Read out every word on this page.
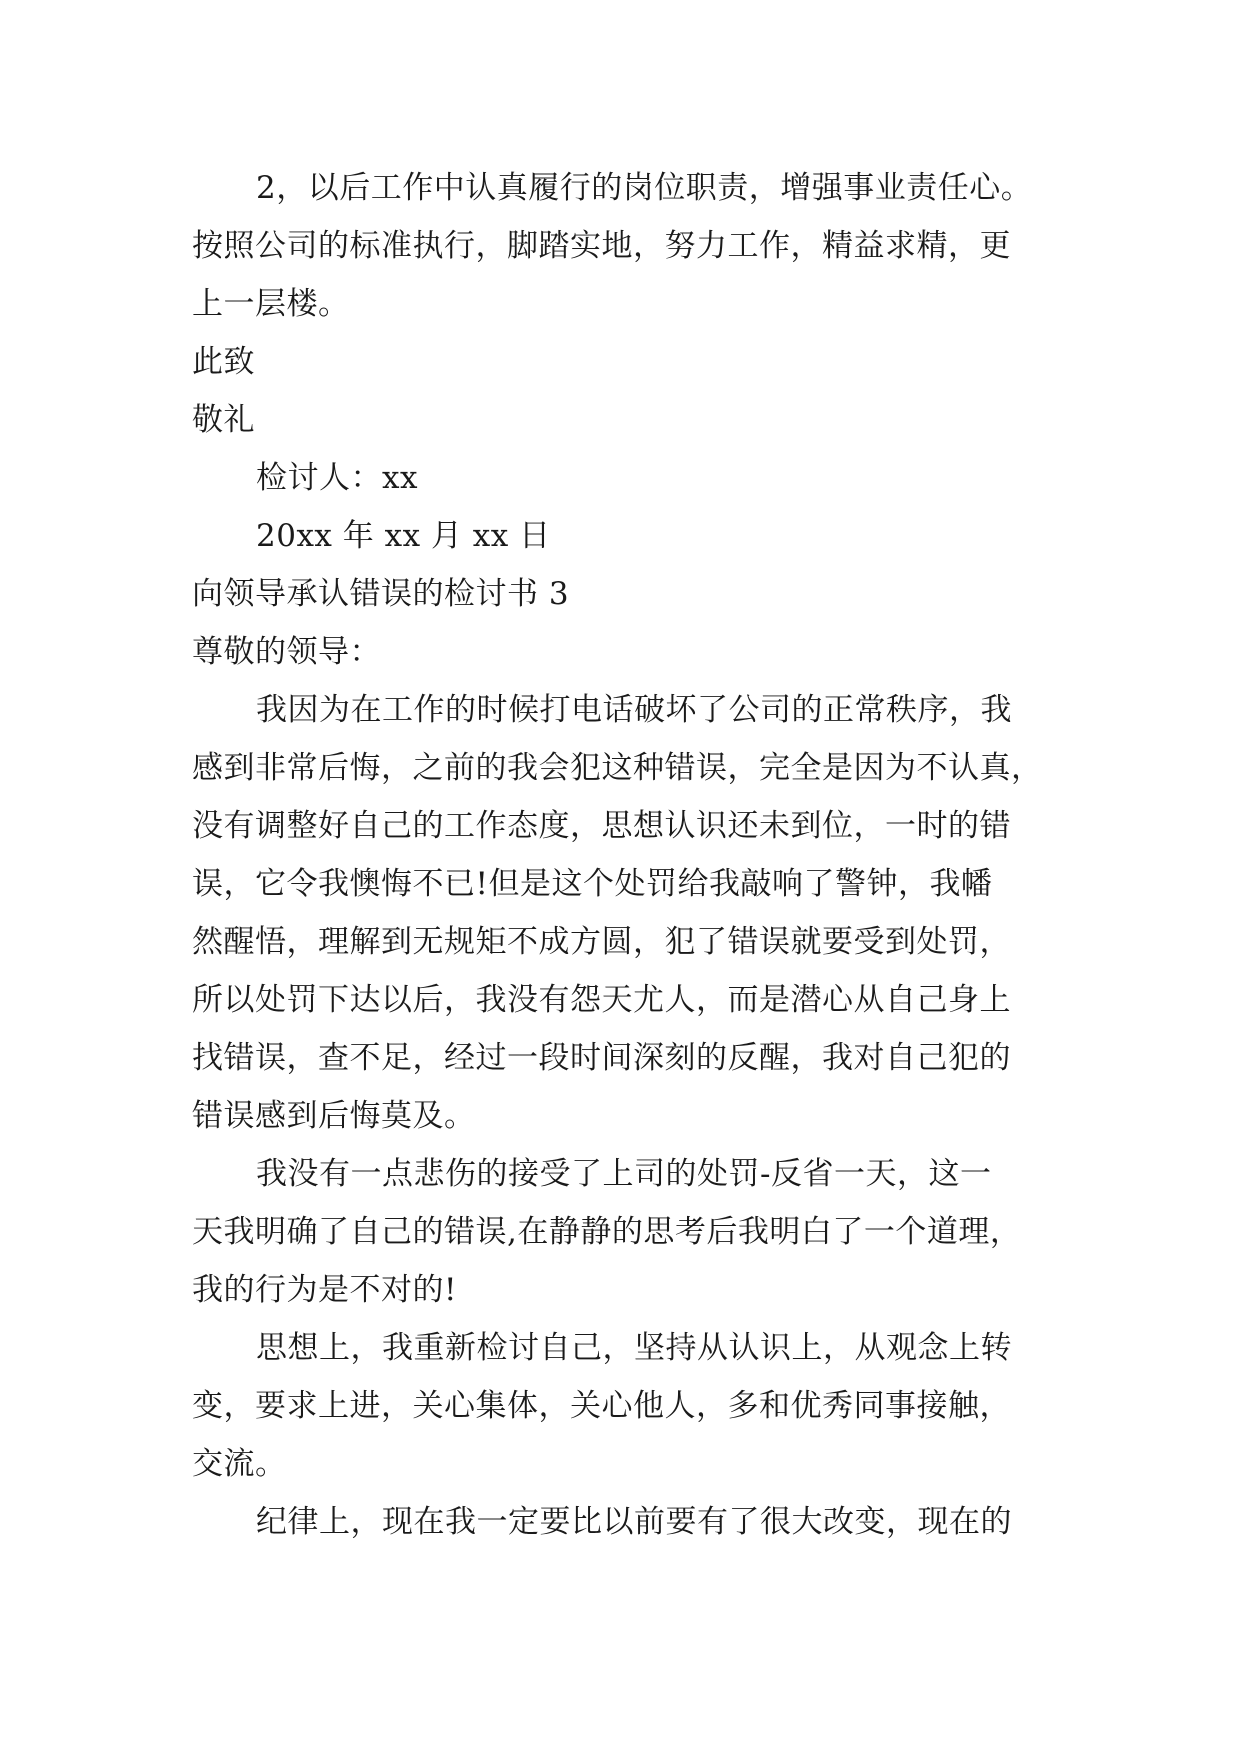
2，以后工作中认真履行的岗位职责，增强事业责任心。
按照公司的标准执行，脚踏实地，努力工作，精益求精，更
上一层楼。
此致
敬礼
检讨人：xx
20xx 年 xx 月 xx 日
向领导承认错误的检讨书 3
尊敬的领导：
我因为在工作的时候打电话破坏了公司的正常秩序，我
感到非常后悔，之前的我会犯这种错误，完全是因为不认真，
没有调整好自己的工作态度，思想认识还未到位，一时的错
误，它令我懊悔不已!但是这个处罚给我敲响了警钟，我幡
然醒悟，理解到无规矩不成方圆，犯了错误就要受到处罚，
所以处罚下达以后，我没有怨天尤人，而是潜心从自己身上
找错误，查不足，经过一段时间深刻的反醒，我对自己犯的
错误感到后悔莫及。
我没有一点悲伤的接受了上司的处罚-反省一天，这一
天我明确了自己的错误,在静静的思考后我明白了一个道理，
我的行为是不对的!
思想上，我重新检讨自己，坚持从认识上，从观念上转
变，要求上进，关心集体，关心他人，多和优秀同事接触，
交流。
纪律上，现在我一定要比以前要有了很大改变，现在的
